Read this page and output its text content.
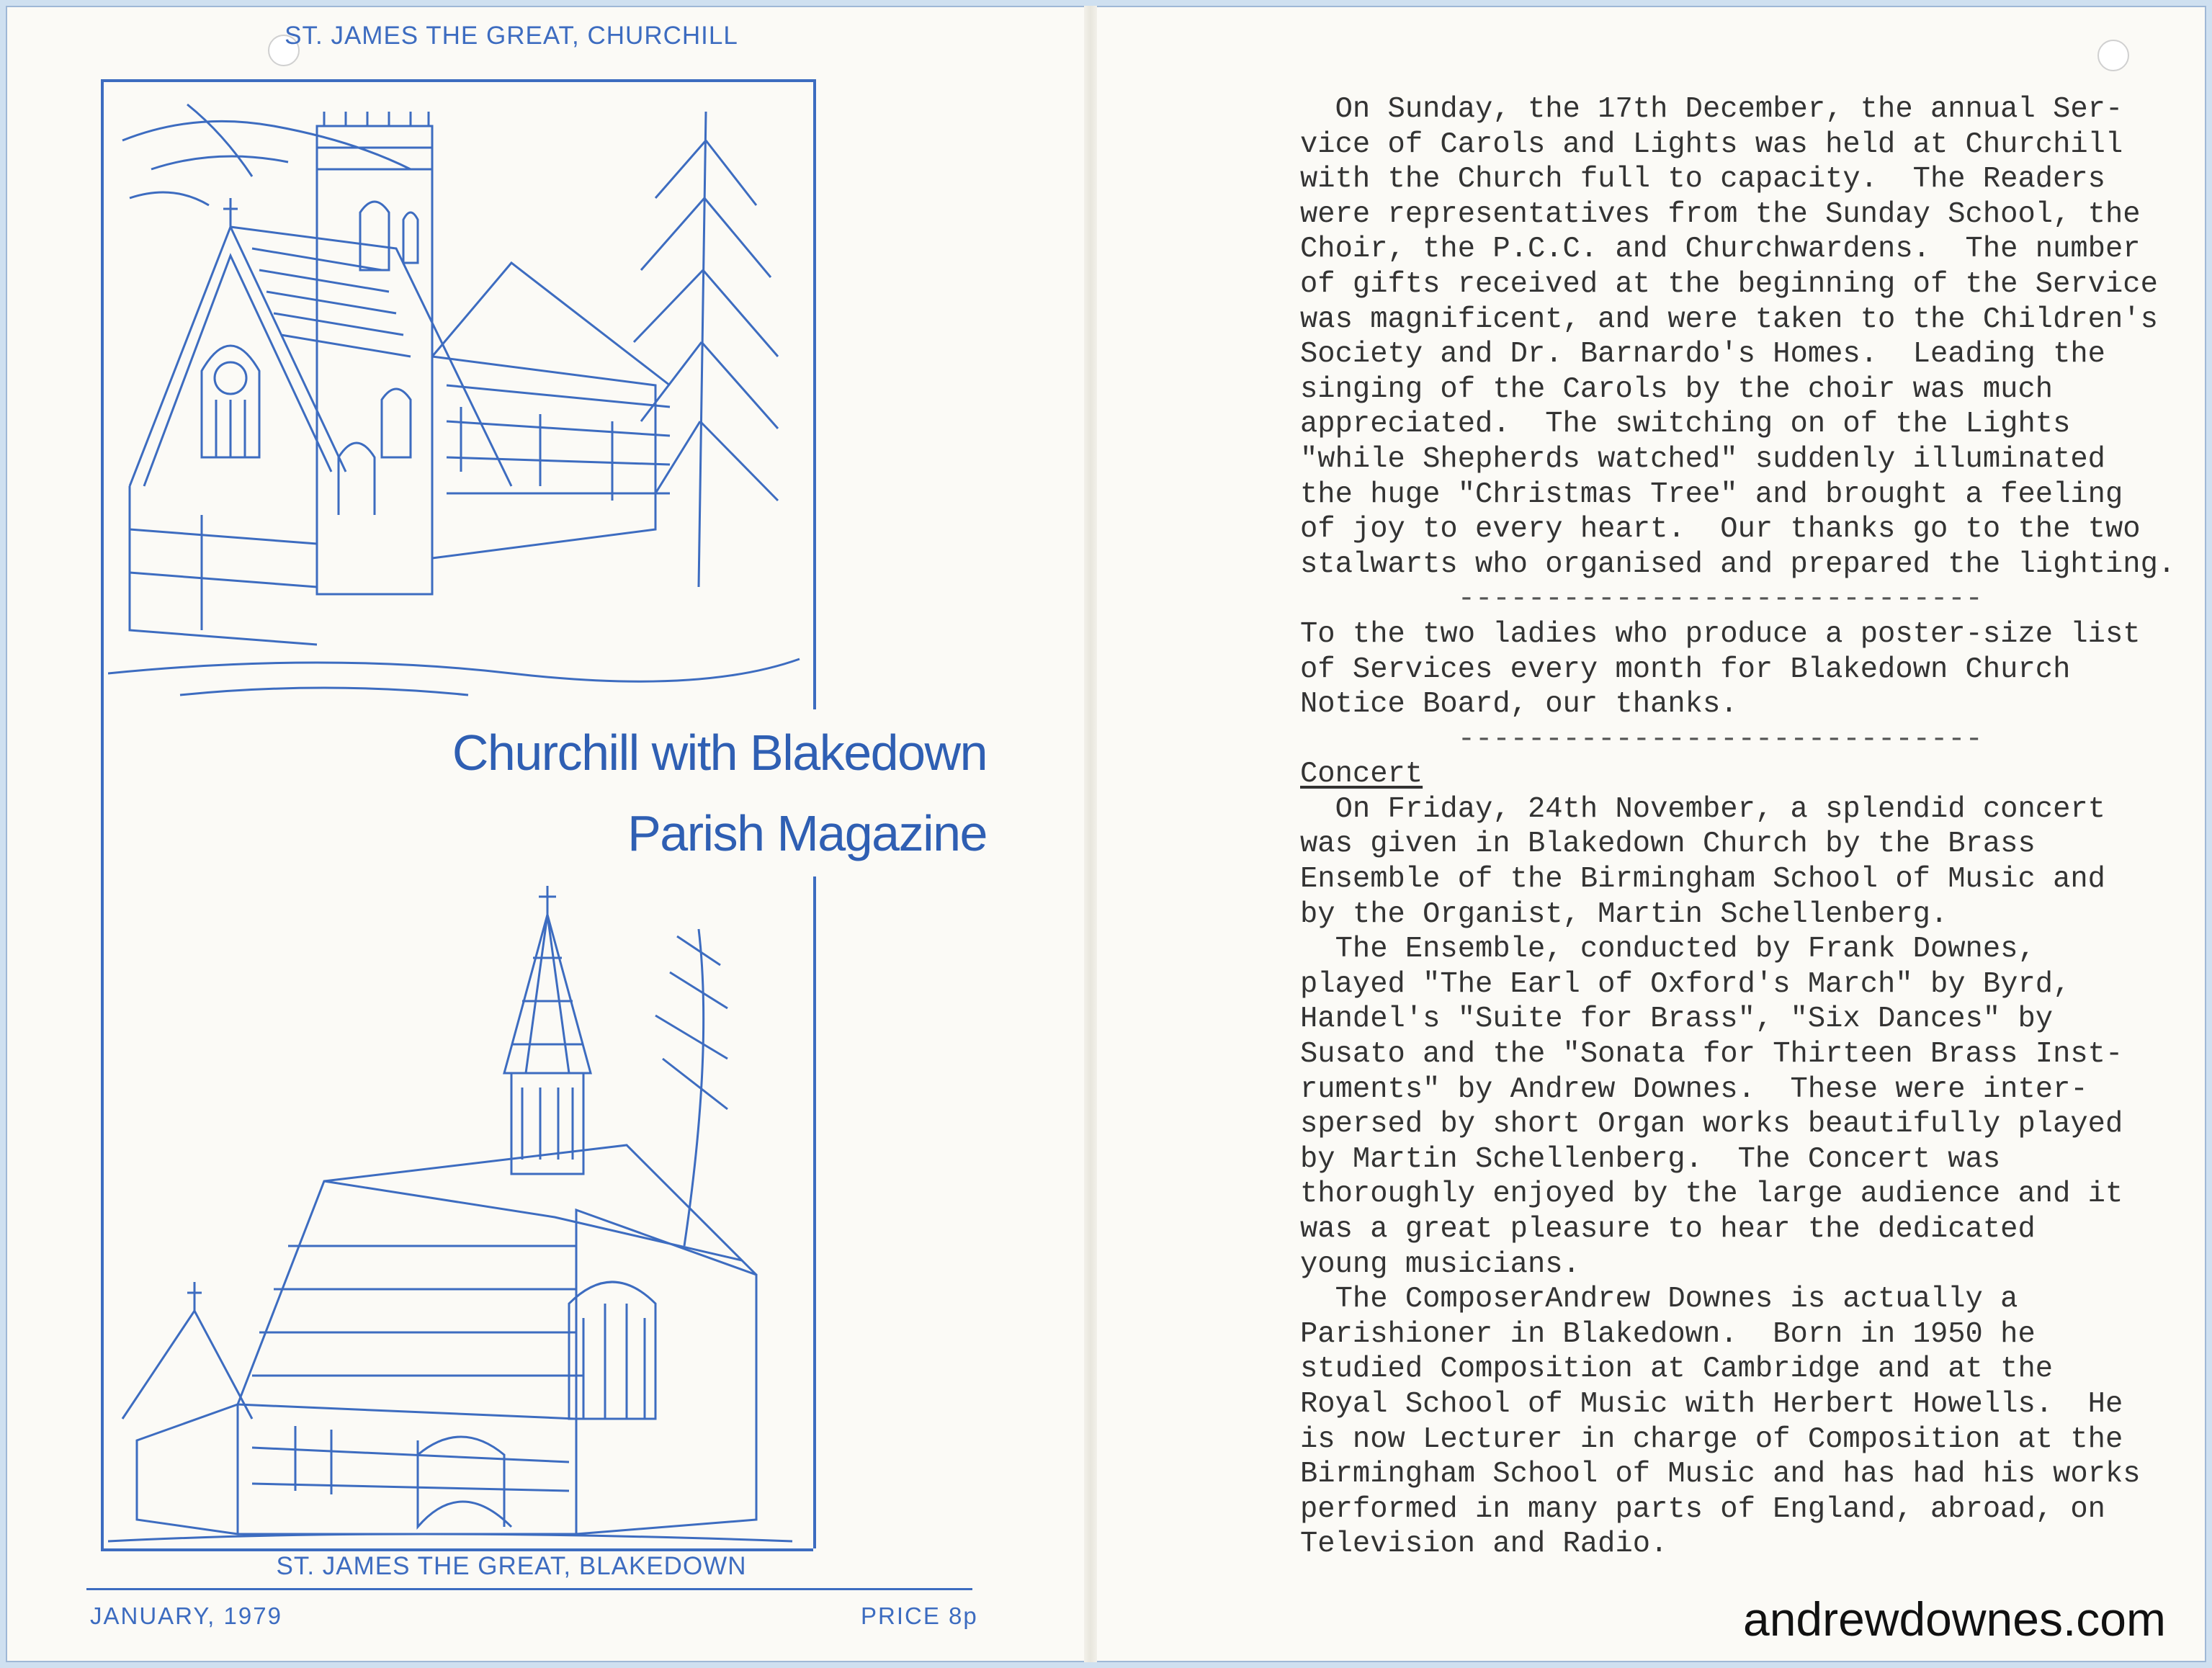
ST. JAMES THE GREAT, CHURCHILL
Churchill with Blakedown
Parish Magazine
ST. JAMES THE GREAT, BLAKEDOWN
JANUARY, 1979	PRICE 8p
On Sunday, the 17th December, the annual Ser-
vice of Carols and Lights was held at Churchill
with the Church full to capacity.  The Readers
were representatives from the Sunday School, the
Choir, the P.C.C. and Churchwardens.  The number
of gifts received at the beginning of the Service
was magnificent, and were taken to the Children's
Society and Dr. Barnardo's Homes.  Leading the
singing of the Carols by the choir was much
appreciated.  The switching on of the Lights
"while Shepherds watched" suddenly illuminated
the huge "Christmas Tree" and brought a feeling
of joy to every heart.  Our thanks go to the two
stalwarts who organised and prepared the lighting.
------------------------------
To the two ladies who produce a poster-size list
of Services every month for Blakedown Church
Notice Board, our thanks.
------------------------------
Concert
On Friday, 24th November, a splendid concert
was given in Blakedown Church by the Brass
Ensemble of the Birmingham School of Music and
by the Organist, Martin Schellenberg.
The Ensemble, conducted by Frank Downes,
played "The Earl of Oxford's March" by Byrd,
Handel's "Suite for Brass", "Six Dances" by
Susato and the "Sonata for Thirteen Brass Inst-
ruments" by Andrew Downes.  These were inter-
spersed by short Organ works beautifully played
by Martin Schellenberg.  The Concert was
thoroughly enjoyed by the large audience and it
was a great pleasure to hear the dedicated
young musicians.
The ComposerAndrew Downes is actually a
Parishioner in Blakedown.  Born in 1950 he
studied Composition at Cambridge and at the
Royal School of Music with Herbert Howells.  He
is now Lecturer in charge of Composition at the
Birmingham School of Music and has had his works
performed in many parts of England, abroad, on
Television and Radio.
andrewdownes.com
